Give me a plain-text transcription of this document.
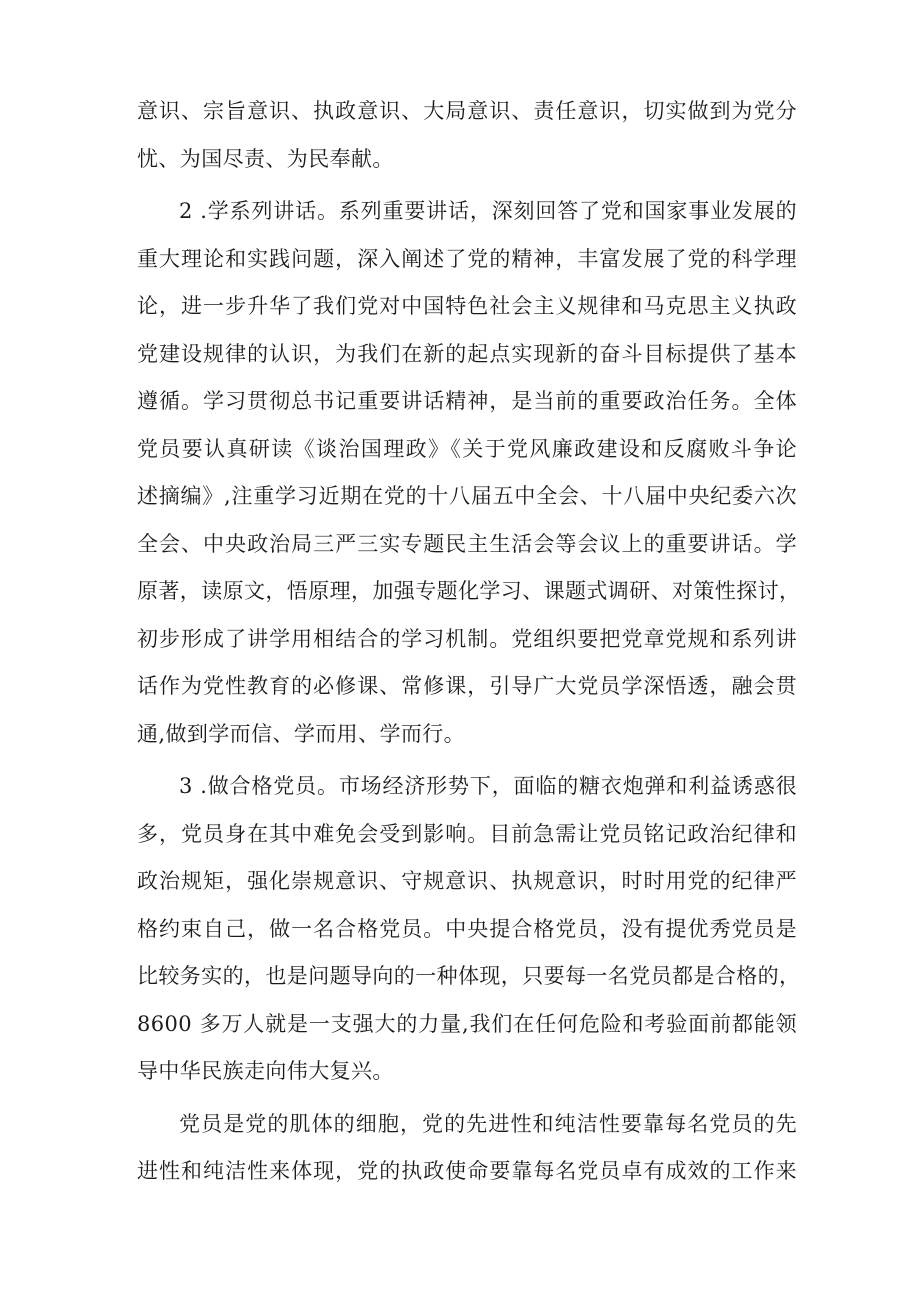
意识、宗旨意识、执政意识、大局意识、责任意识，切实做到为党分
忧、为国尽责、为民奉献。
2 .学系列讲话。系列重要讲话，深刻回答了党和国家事业发展的
重大理论和实践问题，深入阐述了党的精神，丰富发展了党的科学理
论，进一步升华了我们党对中国特色社会主义规律和马克思主义执政
党建设规律的认识，为我们在新的起点实现新的奋斗目标提供了基本
遵循。学习贯彻总书记重要讲话精神，是当前的重要政治任务。全体
党员要认真研读《谈治国理政》《关于党风廉政建设和反腐败斗争论
述摘编》,注重学习近期在党的十八届五中全会、十八届中央纪委六次
全会、中央政治局三严三实专题民主生活会等会议上的重要讲话。学
原著，读原文，悟原理，加强专题化学习、课题式调研、对策性探讨，
初步形成了讲学用相结合的学习机制。党组织要把党章党规和系列讲
话作为党性教育的必修课、常修课，引导广大党员学深悟透，融会贯
通,做到学而信、学而用、学而行。
3 .做合格党员。市场经济形势下，面临的糖衣炮弹和利益诱惑很
多，党员身在其中难免会受到影响。目前急需让党员铭记政治纪律和
政治规矩，强化崇规意识、守规意识、执规意识，时时用党的纪律严
格约束自己，做一名合格党员。中央提合格党员，没有提优秀党员是
比较务实的，也是问题导向的一种体现，只要每一名党员都是合格的，
8600 多万人就是一支强大的力量,我们在任何危险和考验面前都能领
导中华民族走向伟大复兴。
党员是党的肌体的细胞，党的先进性和纯洁性要靠每名党员的先
进性和纯洁性来体现，党的执政使命要靠每名党员卓有成效的工作来
